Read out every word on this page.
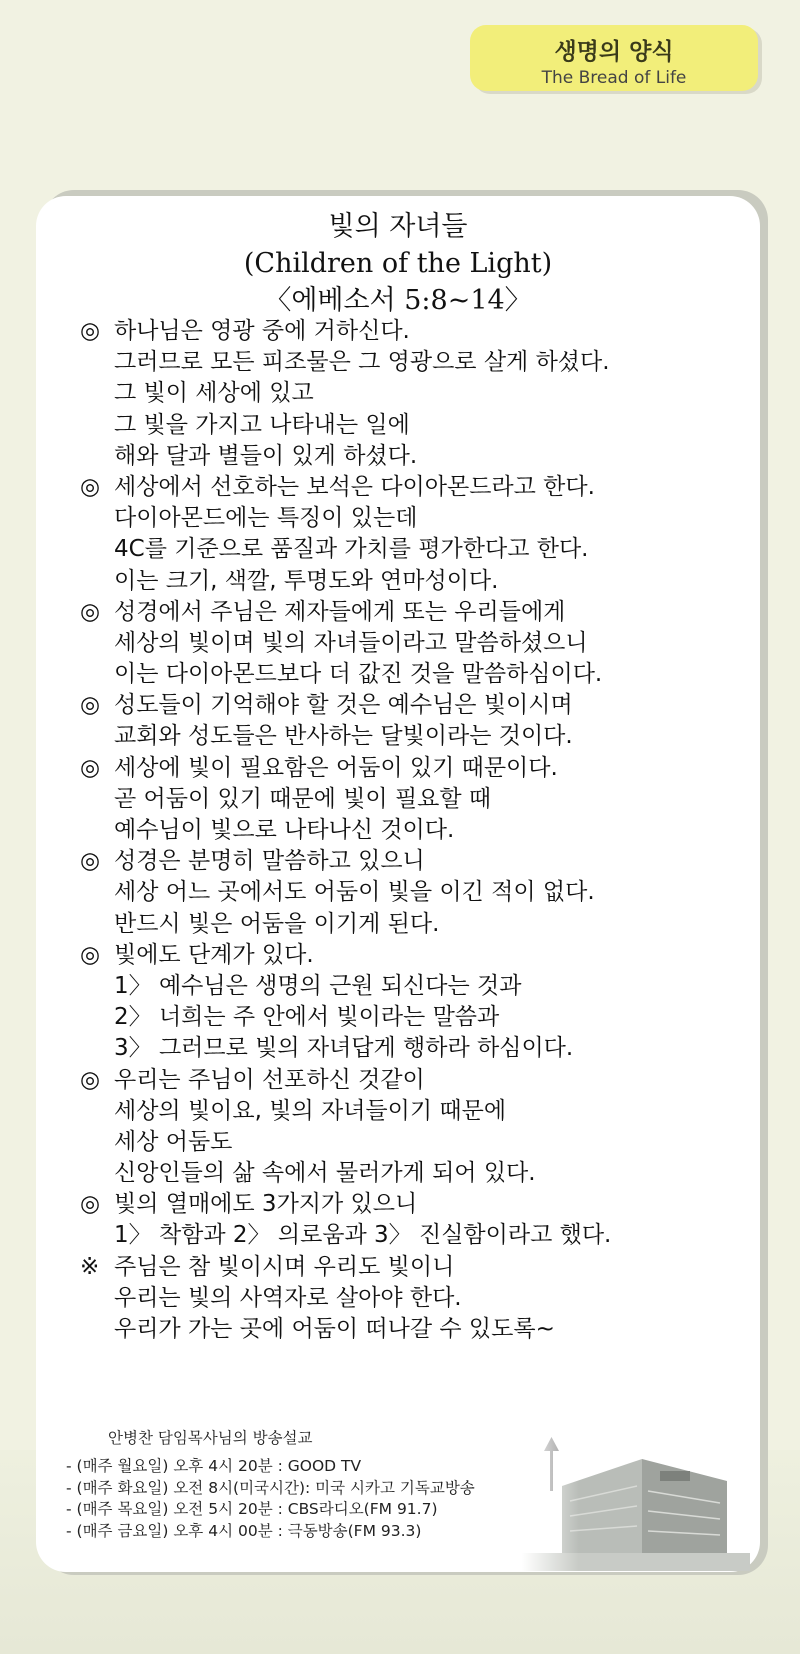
생명의 양식
The Bread of Life
빛의 자녀들
(Children of the Light)
〈에베소서 5:8~14〉
◎ 하나님은 영광 중에 거하신다.
그러므로 모든 피조물은 그 영광으로 살게 하셨다.
그 빛이 세상에 있고
그 빛을 가지고 나타내는 일에
해와 달과 별들이 있게 하셨다.
◎ 세상에서 선호하는 보석은 다이아몬드라고 한다.
다이아몬드에는 특징이 있는데
4C를 기준으로 품질과 가치를 평가한다고 한다.
이는 크기, 색깔, 투명도와 연마성이다.
◎ 성경에서 주님은 제자들에게 또는 우리들에게
세상의 빛이며 빛의 자녀들이라고 말씀하셨으니
이는 다이아몬드보다 더 값진 것을 말씀하심이다.
◎ 성도들이 기억해야 할 것은 예수님은 빛이시며
교회와 성도들은 반사하는 달빛이라는 것이다.
◎ 세상에 빛이 필요함은 어둠이 있기 때문이다.
곧 어둠이 있기 때문에 빛이 필요할 때
예수님이 빛으로 나타나신 것이다.
◎ 성경은 분명히 말씀하고 있으니
세상 어느 곳에서도 어둠이 빛을 이긴 적이 없다.
반드시 빛은 어둠을 이기게 된다.
◎ 빛에도 단계가 있다.
1〉 예수님은 생명의 근원 되신다는 것과
2〉 너희는 주 안에서 빛이라는 말씀과
3〉 그러므로 빛의 자녀답게 행하라 하심이다.
◎ 우리는 주님이 선포하신 것같이
세상의 빛이요, 빛의 자녀들이기 때문에
세상 어둠도
신앙인들의 삶 속에서 물러가게 되어 있다.
◎ 빛의 열매에도 3가지가 있으니
1〉 착함과 2〉 의로움과 3〉 진실함이라고 했다.
※ 주님은 참 빛이시며 우리도 빛이니
우리는 빛의 사역자로 살아야 한다.
우리가 가는 곳에 어둠이 떠나갈 수 있도록~
안병찬 담임목사님의 방송설교
- (매주 월요일) 오후 4시 20분 : GOOD TV
- (매주 화요일) 오전 8시(미국시간): 미국 시카고 기독교방송
- (매주 목요일) 오전 5시 20분 : CBS라디오(FM 91.7)
- (매주 금요일) 오후 4시 00분 : 극동방송(FM 93.3)
